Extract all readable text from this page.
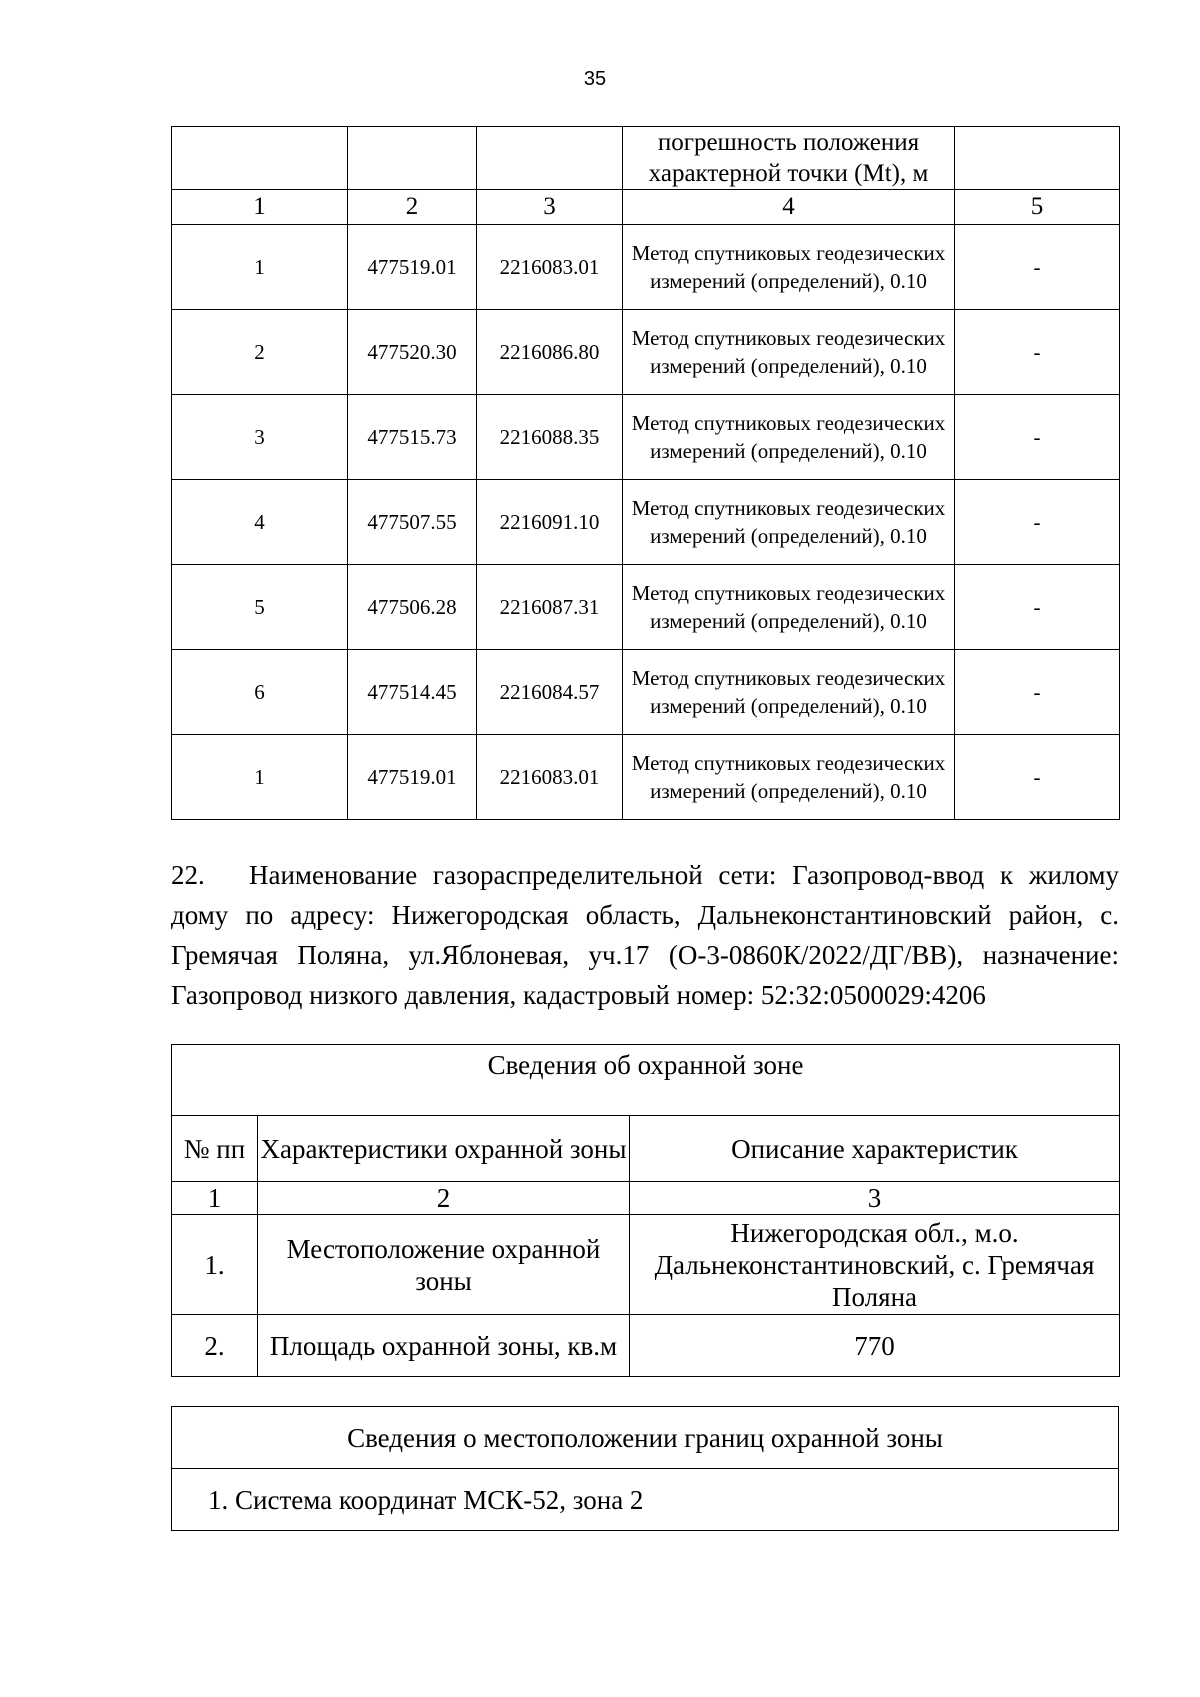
35
			погрешность положения характерной точки (Mt), м	
1	2	3	4	5
1	477519.01	2216083.01	Метод спутниковых геодезических измерений (определений), 0.10	-
2	477520.30	2216086.80	Метод спутниковых геодезических измерений (определений), 0.10	-
3	477515.73	2216088.35	Метод спутниковых геодезических измерений (определений), 0.10	-
4	477507.55	2216091.10	Метод спутниковых геодезических измерений (определений), 0.10	-
5	477506.28	2216087.31	Метод спутниковых геодезических измерений (определений), 0.10	-
6	477514.45	2216084.57	Метод спутниковых геодезических измерений (определений), 0.10	-
1	477519.01	2216083.01	Метод спутниковых геодезических измерений (определений), 0.10	-

22. Наименование газораспределительной сети: Газопровод-ввод к жилому дому по адресу: Нижегородская область, Дальнеконстантиновский район, с. Гремячая Поляна, ул.Яблоневая, уч.17 (О-3-0860К/2022/ДГ/ВВ), назначение: Газопровод низкого давления, кадастровый номер: 52:32:0500029:4206

Сведения об охранной зоне		
№ пп	Характеристики охранной зоны	Описание характеристик
1	2	3
1.	Местоположение охранной зоны	Нижегородская обл., м.о. Дальнеконстантиновский, с. Гремячая Поляна
2.	Площадь охранной зоны, кв.м	770
Сведения о местоположении границ охранной зоны
1. Система координат МСК-52, зона 2
